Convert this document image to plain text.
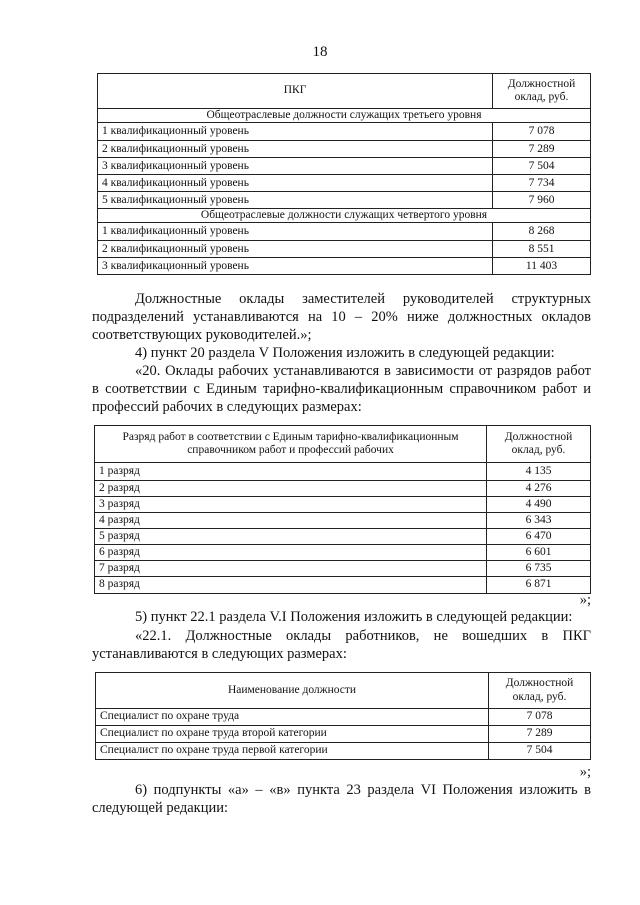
18
ПКГ	Должностной оклад, руб.
Общеотраслевые должности служащих третьего уровня	
1 квалификационный уровень	7 078
2 квалификационный уровень	7 289
3 квалификационный уровень	7 504
4 квалификационный уровень	7 734
5 квалификационный уровень	7 960
Общеотраслевые должности служащих четвертого уровня	
1 квалификационный уровень	8 268
2 квалификационный уровень	8 551
3 квалификационный уровень	11 403

Должностные оклады заместителей руководителей структурных

подразделений устанавливаются на 10 – 20% ниже должностных окладов

соответствующих руководителей.»;

4) пункт 20 раздела V Положения изложить в следующей редакции:

«20. Оклады рабочих устанавливаются в зависимости от разрядов работ

в соответствии с Единым тарифно-квалификационным справочником работ и

профессий рабочих в следующих размерах:

Разряд работ в соответствии с Единым тарифно-квалификационным справочником работ и профессий рабочих	Должностной оклад, руб.
1 разряд	4 135
2 разряд	4 276
3 разряд	4 490
4 разряд	6 343
5 разряд	6 470
6 разряд	6 601
7 разряд	6 735
8 разряд	6 871

»;

5) пункт 22.1 раздела V.I Положения изложить в следующей редакции:

«22.1. Должностные оклады работников, не вошедших в ПКГ

устанавливаются в следующих размерах:

Наименование должности	Должностной оклад, руб.
Специалист по охране труда	7 078
Специалист по охране труда второй категории	7 289
Специалист по охране труда первой категории	7 504

»;

6) подпункты «а» – «в» пункта 23 раздела VI Положения изложить в

следующей редакции:
